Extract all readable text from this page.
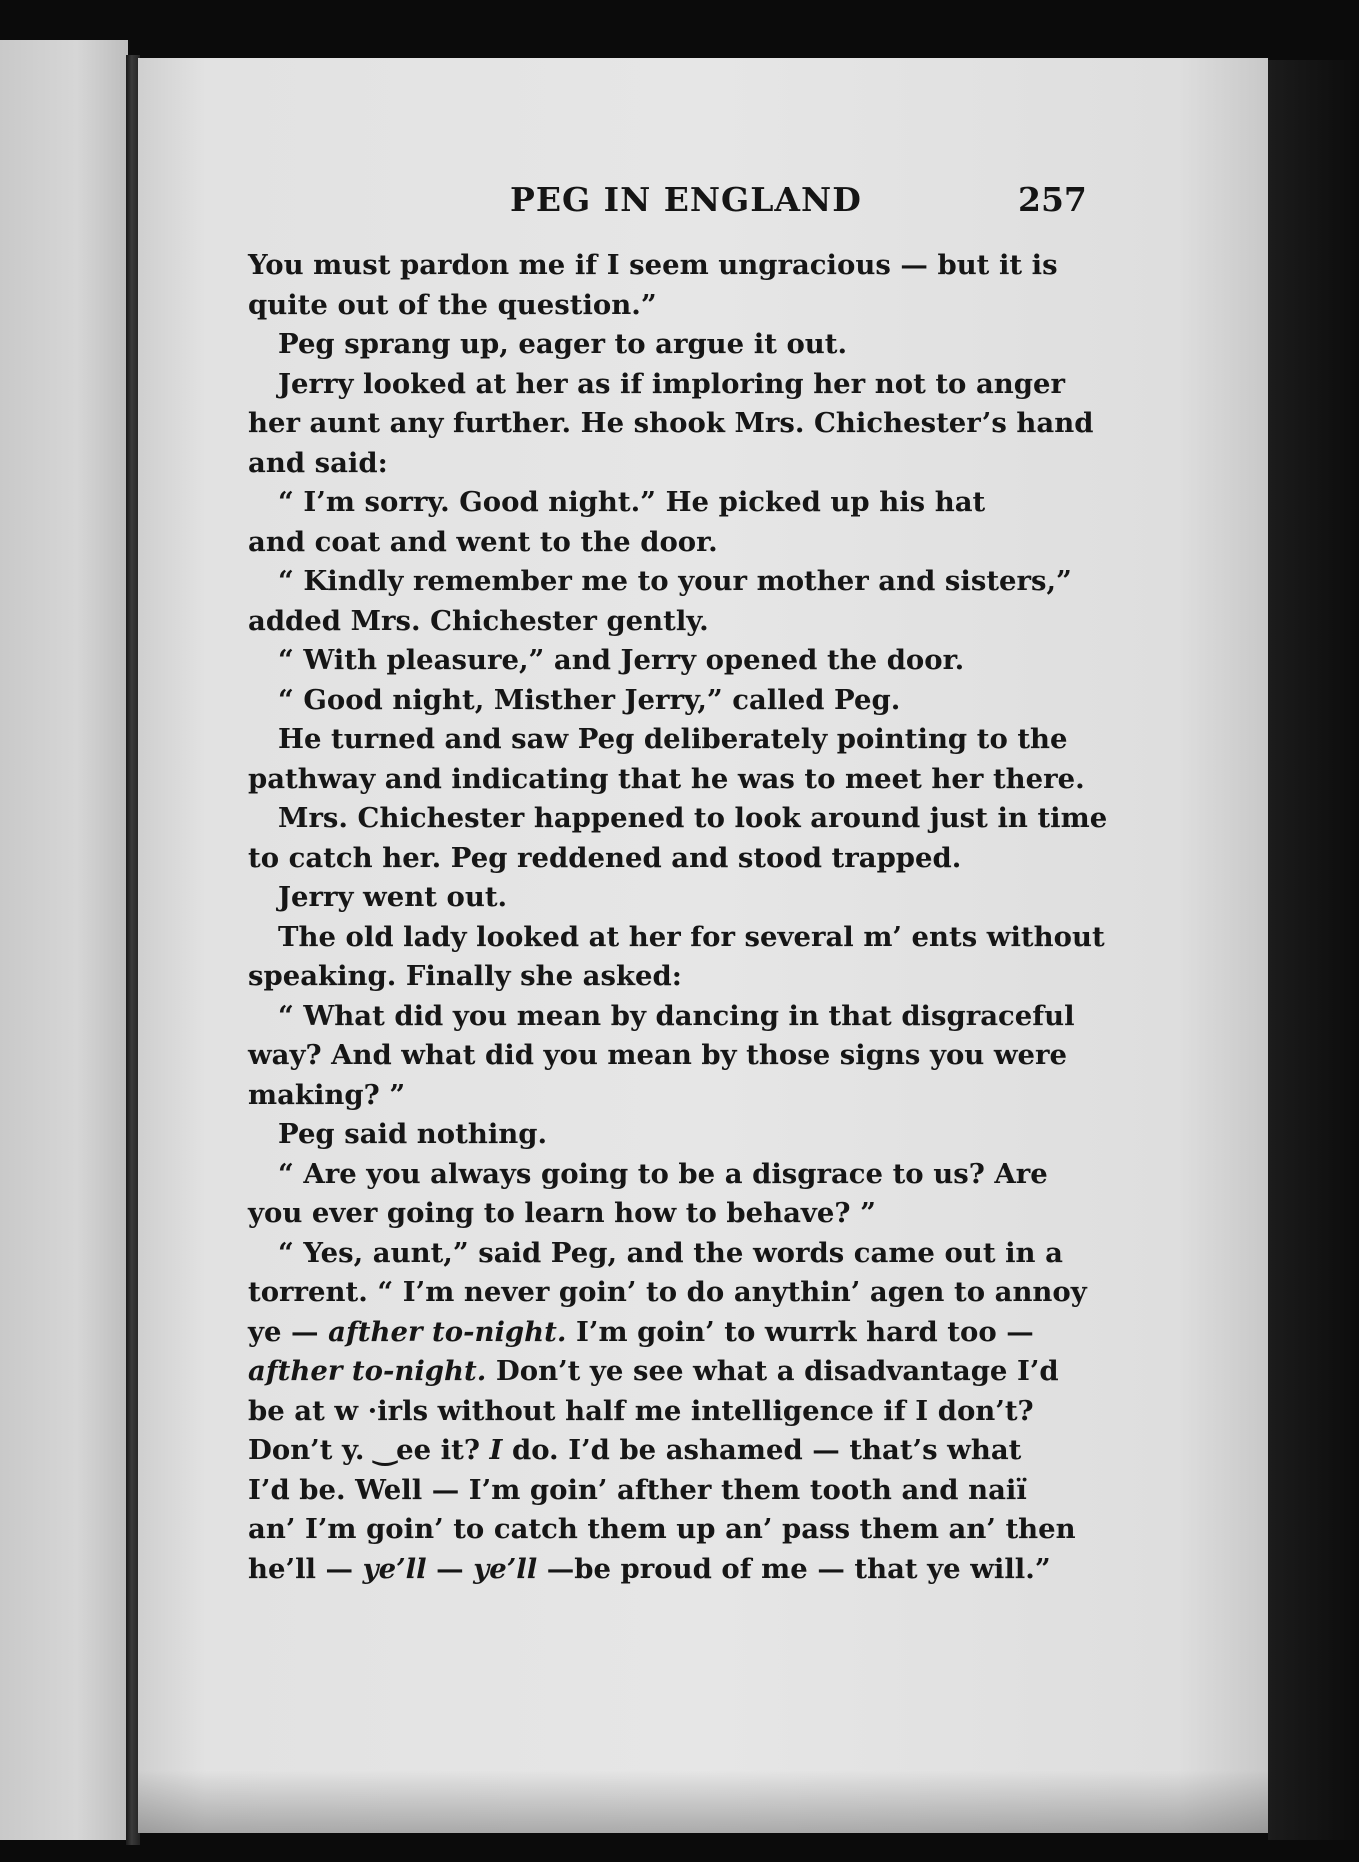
PEG IN ENGLAND	257
You must pardon me if I seem ungracious — but it is
quite out of the question.”
Peg sprang up, eager to argue it out.
Jerry looked at her as if imploring her not to anger
her aunt any further. He shook Mrs. Chichester’s hand
and said:
“ I’m sorry. Good night.” He picked up his hat
and coat and went to the door.
“ Kindly remember me to your mother and sisters,”
added Mrs. Chichester gently.
“ With pleasure,” and Jerry opened the door.
“ Good night, Misther Jerry,” called Peg.
He turned and saw Peg deliberately pointing to the
pathway and indicating that he was to meet her there.
Mrs. Chichester happened to look around just in time
to catch her. Peg reddened and stood trapped.
Jerry went out.
The old lady looked at her for several m’ ents without
speaking. Finally she asked:
“ What did you mean by dancing in that disgraceful
way? And what did you mean by those signs you were
making? ”
Peg said nothing.
“ Are you always going to be a disgrace to us? Are
you ever going to learn how to behave? ”
“ Yes, aunt,” said Peg, and the words came out in a
torrent. “ I’m never goin’ to do anythin’ agen to annoy
ye — afther to-night. I’m goin’ to wurrk hard too —
afther to-night. Don’t ye see what a disadvantage I’d
be at w ·irls without half me intelligence if I don’t?
Don’t y. ‿ee it? I do. I’d be ashamed — that’s what
I’d be. Well — I’m goin’ afther them tooth and naiï
an’ I’m goin’ to catch them up an’ pass them an’ then
he’ll — ye’ll — ye’ll —be proud of me — that ye will.”
